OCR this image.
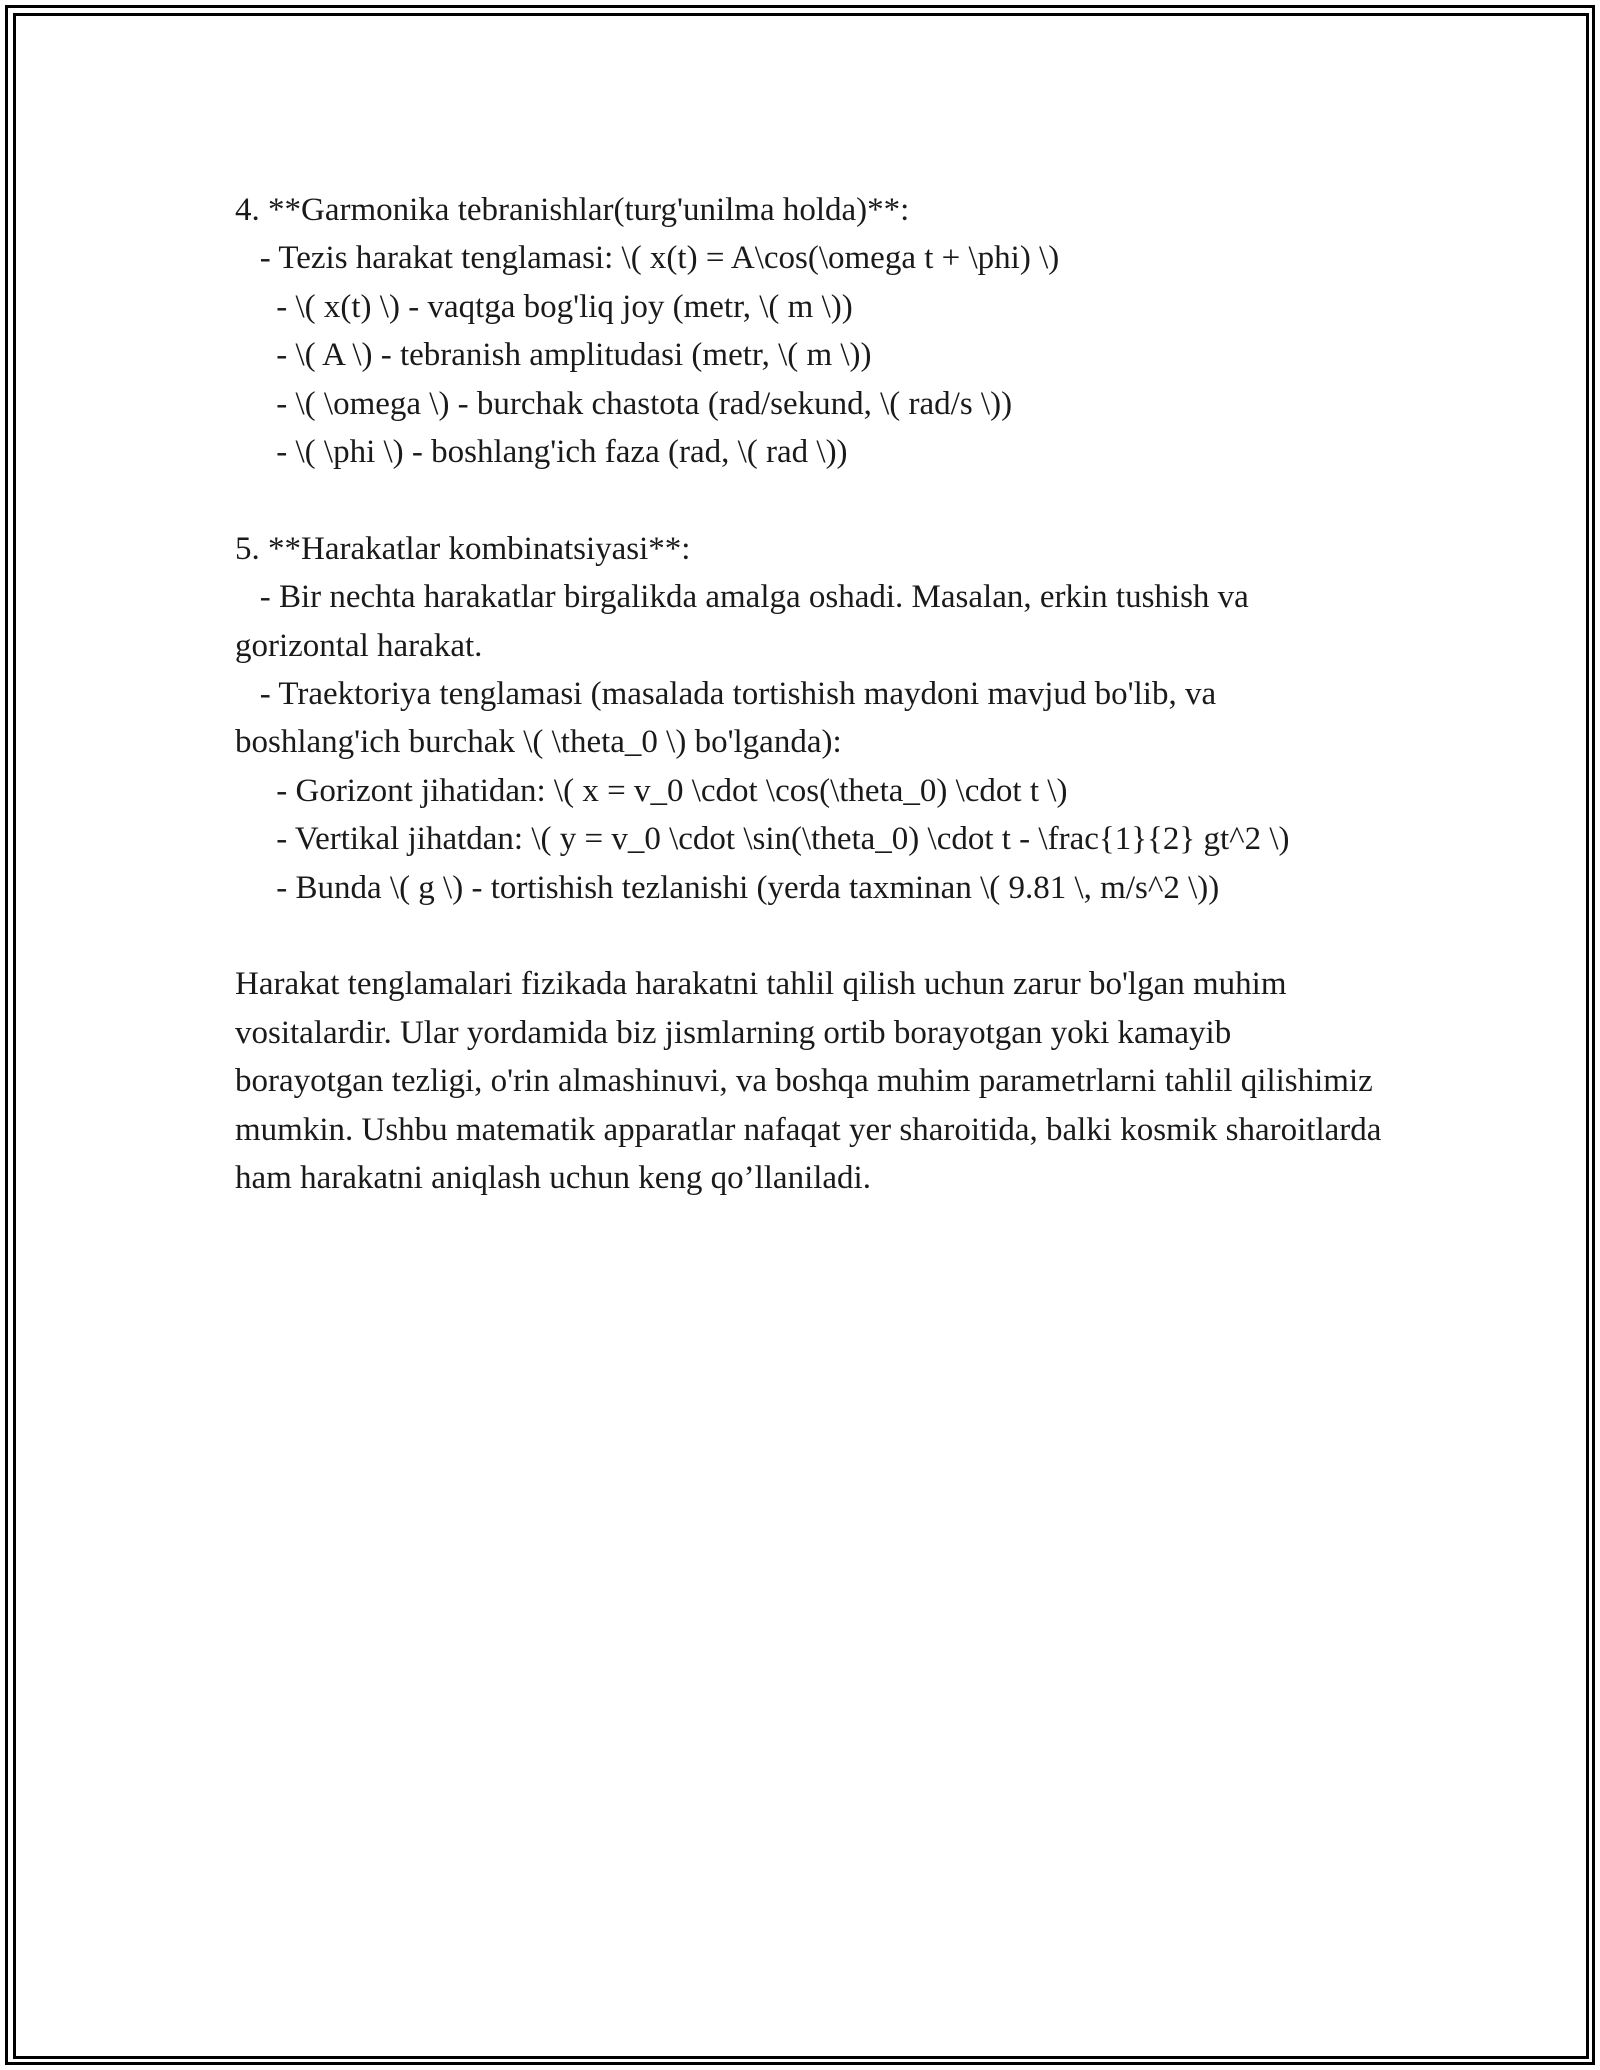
4. **Garmonika tebranishlar(turg'unilma holda)**:

- Tezis harakat tenglamasi: \( x(t) = A\cos(\omega t + \phi) \)

- \( x(t) \) - vaqtga bog'liq joy (metr, \( m \))

- \( A \) - tebranish amplitudasi (metr, \( m \))

- \( \omega \) - burchak chastota (rad/sekund, \( rad/s \))

- \( \phi \) - boshlang'ich faza (rad, \( rad \))

5. **Harakatlar kombinatsiyasi**:

- Bir nechta harakatlar birgalikda amalga oshadi. Masalan, erkin tushish va gorizontal harakat.

- Traektoriya tenglamasi (masalada tortishish maydoni mavjud bo'lib, va boshlang'ich burchak \( \theta_0 \) bo'lganda):

- Gorizont jihatidan: \( x = v_0 \cdot \cos(\theta_0) \cdot t \)

- Vertikal jihatdan: \( y = v_0 \cdot \sin(\theta_0) \cdot t - \frac{1}{2} gt^2 \)

- Bunda \( g \) - tortishish tezlanishi (yerda taxminan \( 9.81 \, m/s^2 \))

Harakat tenglamalari fizikada harakatni tahlil qilish uchun zarur bo'lgan muhim vositalardir. Ular yordamida biz jismlarning ortib borayotgan yoki kamayib borayotgan tezligi, o'rin almashinuvi, va boshqa muhim parametrlarni tahlil qilishimiz mumkin. Ushbu matematik apparatlar nafaqat yer sharoitida, balki kosmik sharoitlarda ham harakatni aniqlash uchun keng qo’llaniladi.
